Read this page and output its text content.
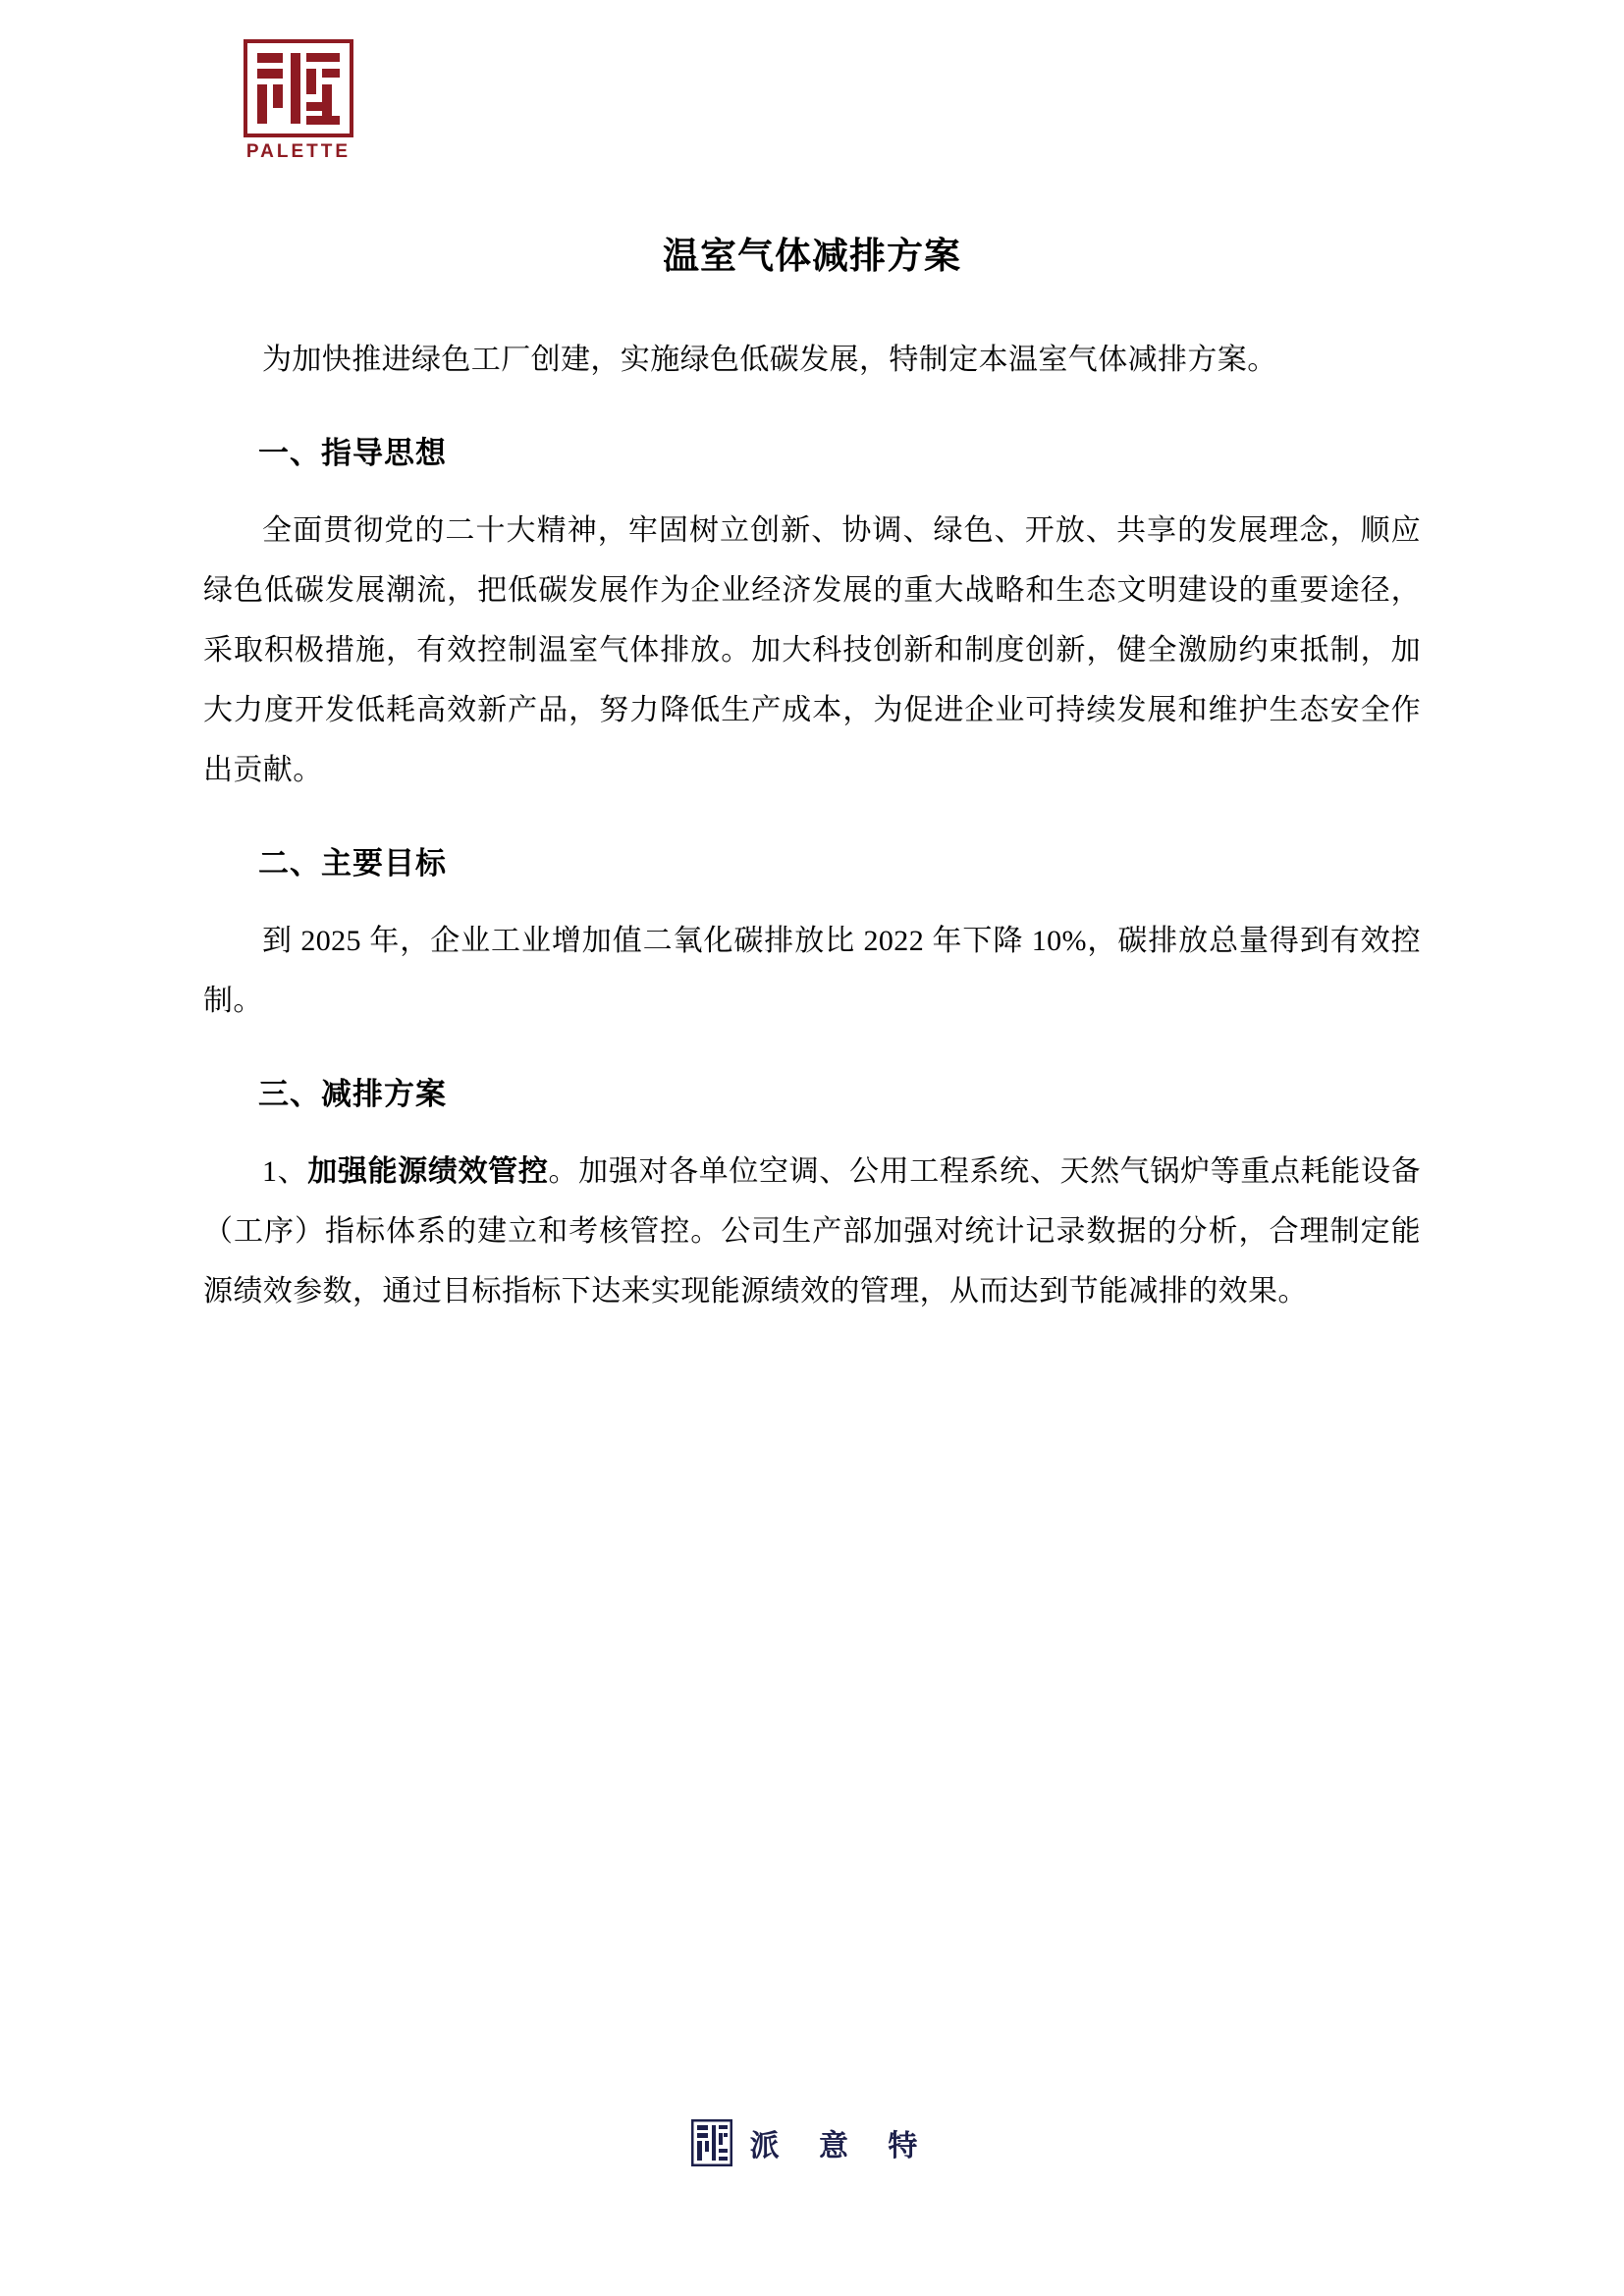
PALETTE
温室气体减排方案

为加快推进绿色工厂创建，实施绿色低碳发展，特制定本温室气体减排方案。

一、指导思想

全面贯彻党的二十大精神，牢固树立创新、协调、绿色、开放、共享的发展理念，顺应绿色低碳发展潮流，把低碳发展作为企业经济发展的重大战略和生态文明建设的重要途径，采取积极措施，有效控制温室气体排放。加大科技创新和制度创新，健全激励约束抵制，加大力度开发低耗高效新产品，努力降低生产成本，为促进企业可持续发展和维护生态安全作出贡献。

二、主要目标

到 2025 年，企业工业增加值二氧化碳排放比 2022 年下降 10%，碳排放总量得到有效控制。

三、减排方案

1、加强能源绩效管控。加强对各单位空调、公用工程系统、天然气锅炉等重点耗能设备（工序）指标体系的建立和考核管控。公司生产部加强对统计记录数据的分析，合理制定能源绩效参数，通过目标指标下达来实现能源绩效的管理，从而达到节能减排的效果。

派 意 特
